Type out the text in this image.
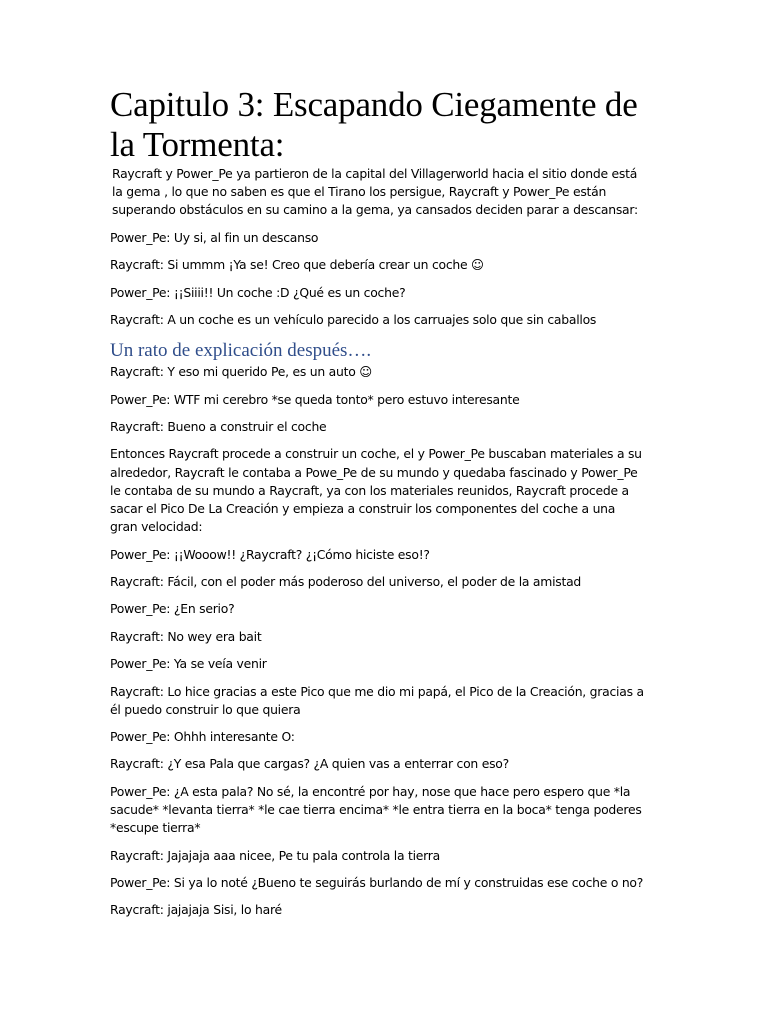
Capitulo 3: Escapando Ciegamente de la Tormenta:

Raycraft y Power_Pe ya partieron de la capital del Villagerworld hacia el sitio donde está la gema , lo que no saben es que el Tirano los persigue, Raycraft y Power_Pe están superando obstáculos en su camino a la gema, ya cansados deciden parar a descansar:

Power_Pe: Uy si, al fin un descanso

Raycraft: Si ummm ¡Ya se! Creo que debería crear un coche ☺

Power_Pe: ¡¡Siiii!! Un coche :D ¿Qué es un coche?

Raycraft: A un coche es un vehículo parecido a los carruajes solo que sin caballos

Un rato de explicación después….

Raycraft: Y eso mi querido Pe, es un auto ☺

Power_Pe: WTF mi cerebro *se queda tonto* pero estuvo interesante

Raycraft: Bueno a construir el coche

Entonces Raycraft procede a construir un coche, el y Power_Pe buscaban materiales a su alrededor, Raycraft le contaba a Powe_Pe de su mundo y quedaba fascinado y Power_Pe le contaba de su mundo a Raycraft, ya con los materiales reunidos, Raycraft procede a sacar el Pico De La Creación y empieza a construir los componentes del coche a una gran velocidad:

Power_Pe: ¡¡Wooow!! ¿Raycraft? ¿¡Cómo hiciste eso!?

Raycraft: Fácil, con el poder más poderoso del universo, el poder de la amistad

Power_Pe: ¿En serio?

Raycraft: No wey era bait

Power_Pe: Ya se veía venir

Raycraft: Lo hice gracias a este Pico que me dio mi papá, el Pico de la Creación, gracias a él puedo construir lo que quiera

Power_Pe: Ohhh interesante O:

Raycraft: ¿Y esa Pala que cargas? ¿A quien vas a enterrar con eso?

Power_Pe: ¿A esta pala? No sé, la encontré por hay, nose que hace pero espero que *la sacude* *levanta tierra* *le cae tierra encima* *le entra tierra en la boca* tenga poderes *escupe tierra*

Raycraft: Jajajaja aaa nicee, Pe tu pala controla la tierra

Power_Pe: Si ya lo noté ¿Bueno te seguirás burlando de mí y construidas ese coche o no?

Raycraft: jajajaja Sisi, lo haré
